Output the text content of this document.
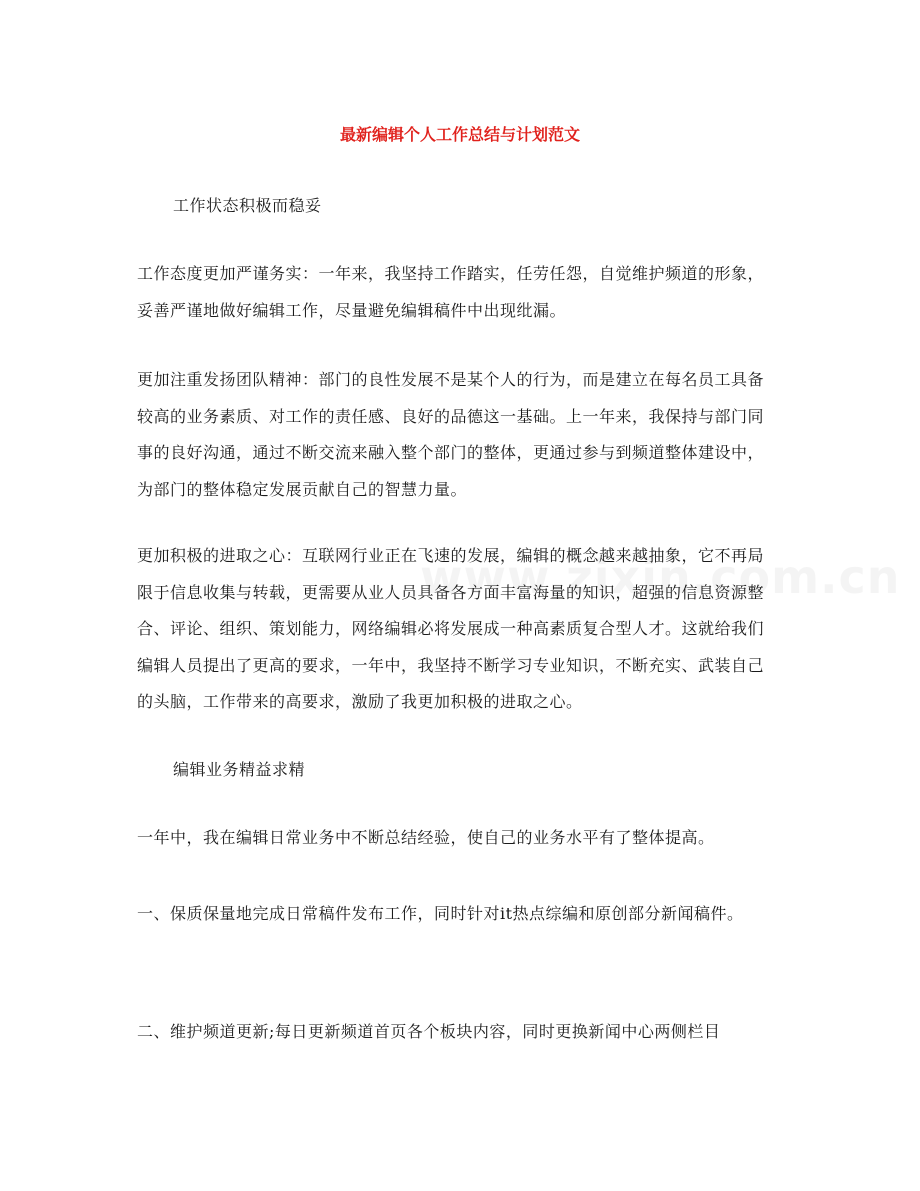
最新编辑个人工作总结与计划范文

工作状态积极而稳妥

工作态度更加严谨务实：一年来，我坚持工作踏实，任劳任怨，自觉维护频道的形象，妥善严谨地做好编辑工作，尽量避免编辑稿件中出现纰漏。

更加注重发扬团队精神：部门的良性发展不是某个人的行为，而是建立在每名员工具备较高的业务素质、对工作的责任感、良好的品德这一基础。上一年来，我保持与部门同事的良好沟通，通过不断交流来融入整个部门的整体，更通过参与到频道整体建设中，为部门的整体稳定发展贡献自己的智慧力量。

更加积极的进取之心：互联网行业正在飞速的发展，编辑的概念越来越抽象，它不再局限于信息收集与转载，更需要从业人员具备各方面丰富海量的知识，超强的信息资源整合、评论、组织、策划能力，网络编辑必将发展成一种高素质复合型人才。这就给我们编辑人员提出了更高的要求，一年中，我坚持不断学习专业知识，不断充实、武装自己的头脑，工作带来的高要求，激励了我更加积极的进取之心。

编辑业务精益求精

一年中，我在编辑日常业务中不断总结经验，使自己的业务水平有了整体提高。

一、保质保量地完成日常稿件发布工作，同时针对it热点综编和原创部分新闻稿件。

二、维护频道更新;每日更新频道首页各个板块内容，同时更换新闻中心两侧栏目
